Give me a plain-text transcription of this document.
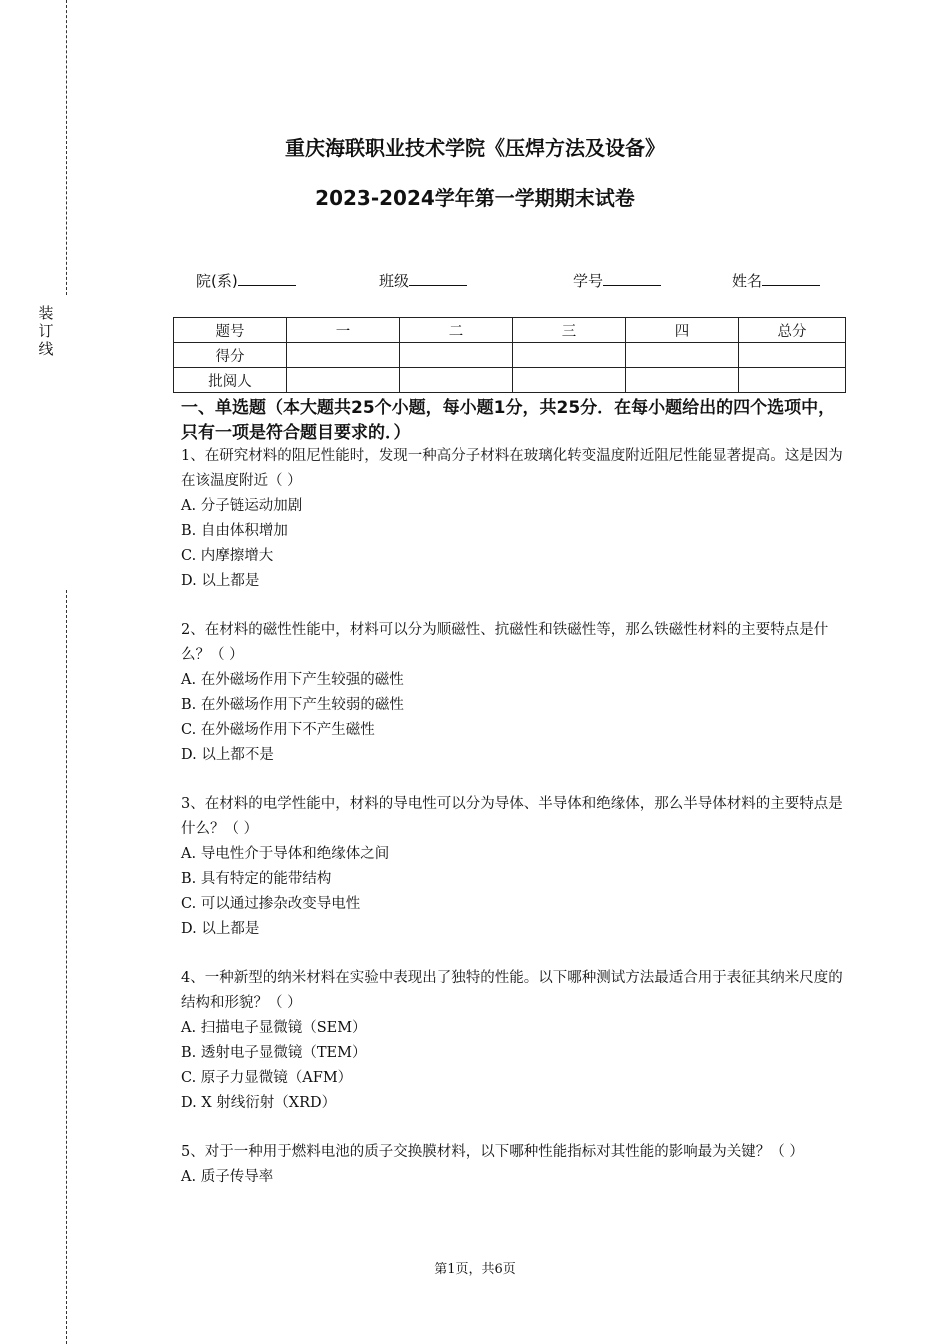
装
订
线
重庆海联职业技术学院《压焊方法及设备》
2023-2024学年第一学期期末试卷
院(系)	班级	学号	姓名
题号	一	二	三	四	总分
得分					
批阅人					
一、单选题（本大题共25个小题，每小题1分，共25分．在每小题给出的四个选项中，只有一项是符合题目要求的．）

1、在研究材料的阻尼性能时，发现一种高分子材料在玻璃化转变温度附近阻尼性能显著提高。这是因为在该温度附近（ ）

A. 分子链运动加剧

B. 自由体积增加

C. 内摩擦增大

D. 以上都是

2、在材料的磁性性能中，材料可以分为顺磁性、抗磁性和铁磁性等，那么铁磁性材料的主要特点是什么？（ ）

A. 在外磁场作用下产生较强的磁性

B. 在外磁场作用下产生较弱的磁性

C. 在外磁场作用下不产生磁性

D. 以上都不是

3、在材料的电学性能中，材料的导电性可以分为导体、半导体和绝缘体，那么半导体材料的主要特点是什么？（ ）

A. 导电性介于导体和绝缘体之间

B. 具有特定的能带结构

C. 可以通过掺杂改变导电性

D. 以上都是

4、一种新型的纳米材料在实验中表现出了独特的性能。以下哪种测试方法最适合用于表征其纳米尺度的结构和形貌？（ ）

A. 扫描电子显微镜（SEM）

B. 透射电子显微镜（TEM）

C. 原子力显微镜（AFM）

D. X 射线衍射（XRD）

5、对于一种用于燃料电池的质子交换膜材料，以下哪种性能指标对其性能的影响最为关键？（ ）

A. 质子传导率

第1页，共6页
